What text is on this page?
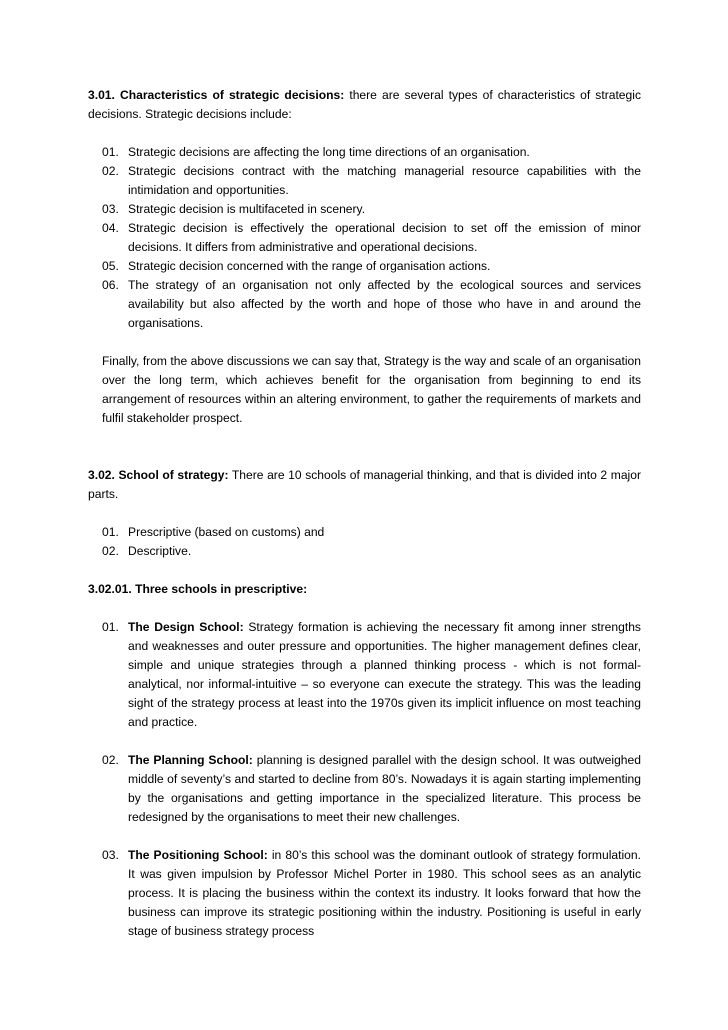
3.01. Characteristics of strategic decisions: there are several types of characteristics of strategic decisions. Strategic decisions include:

01. Strategic decisions are affecting the long time directions of an organisation.
02. Strategic decisions contract with the matching managerial resource capabilities with the intimidation and opportunities.
03. Strategic decision is multifaceted in scenery.
04. Strategic decision is effectively the operational decision to set off the emission of minor decisions. It differs from administrative and operational decisions.
05. Strategic decision concerned with the range of organisation actions.
06. The strategy of an organisation not only affected by the ecological sources and services availability but also affected by the worth and hope of those who have in and around the organisations.

Finally, from the above discussions we can say that, Strategy is the way and scale of an organisation over the long term, which achieves benefit for the organisation from beginning to end its arrangement of resources within an altering environment, to gather the requirements of markets and fulfil stakeholder prospect.

3.02. School of strategy: There are 10 schools of managerial thinking, and that is divided into 2 major parts.

01. Prescriptive (based on customs) and
02. Descriptive.

3.02.01. Three schools in prescriptive:

01. The Design School: Strategy formation is achieving the necessary fit among inner strengths and weaknesses and outer pressure and opportunities. The higher management defines clear, simple and unique strategies through a planned thinking process - which is not formal-analytical, nor informal-intuitive – so everyone can execute the strategy. This was the leading sight of the strategy process at least into the 1970s given its implicit influence on most teaching and practice.
02. The Planning School: planning is designed parallel with the design school. It was outweighed middle of seventy’s and started to decline from 80’s. Nowadays it is again starting implementing by the organisations and getting importance in the specialized literature. This process be redesigned by the organisations to meet their new challenges.
03. The Positioning School: in 80’s this school was the dominant outlook of strategy formulation. It was given impulsion by Professor Michel Porter in 1980. This school sees as an analytic process. It is placing the business within the context its industry. It looks forward that how the business can improve its strategic positioning within the industry. Positioning is useful in early stage of business strategy process
